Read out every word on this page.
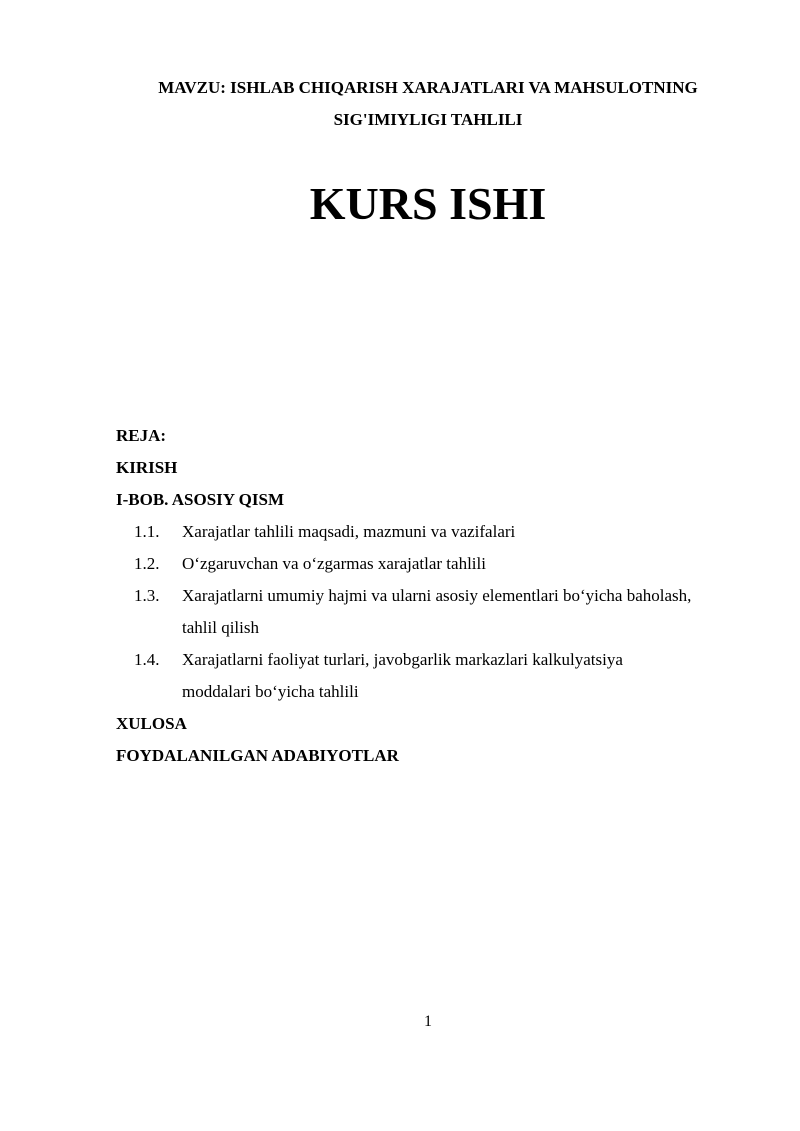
MAVZU: ISHLAB CHIQARISH XARAJATLARI VA MAHSULOTNING SIG'IMIYLIGI TAHLILI
KURS ISHI
REJA:
KIRISH
I-BOB. ASOSIY QISM
1.1.	Xarajatlar tahlili maqsadi, mazmuni va vazifalari
1.2.	O‘zgaruvchan va o‘zgarmas xarajatlar tahlili
1.3.	Xarajatlarni umumiy hajmi va ularni asosiy elementlari bo‘yicha baholash, tahlil qilish
1.4.	Xarajatlarni faoliyat turlari, javobgarlik markazlari kalkulyatsiya moddalari bo‘yicha tahlili
XULOSA
FOYDALANILGAN ADABIYOTLAR
1
